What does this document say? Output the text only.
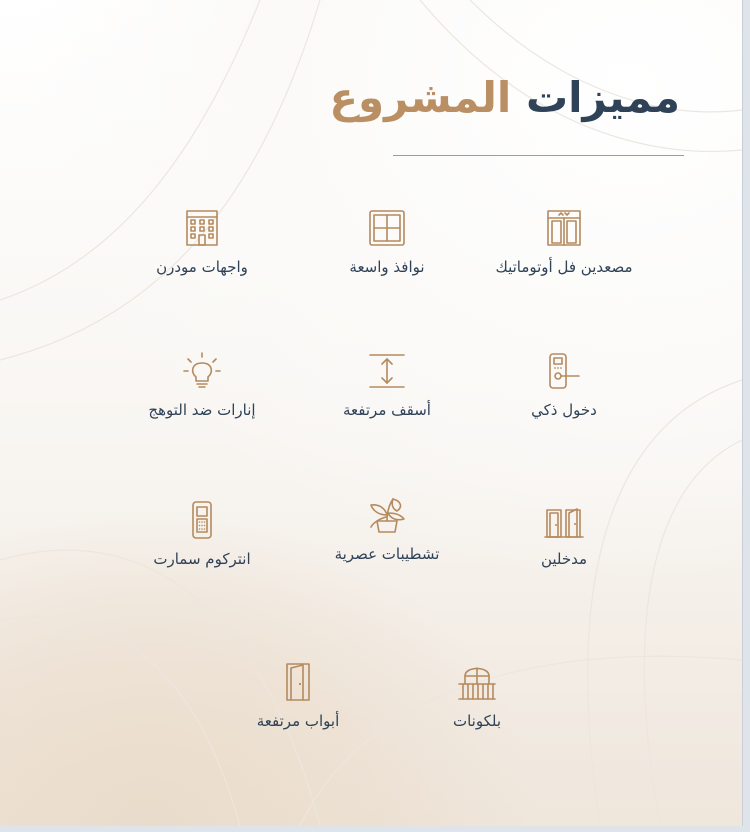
مميزات المشروع
مصعدين فل أوتوماتيك
نوافذ واسعة
واجهات مودرن
دخول ذكي
أسقف مرتفعة
إنارات ضد التوهج
مدخلين
تشطيبات عصرية
انتركوم سمارت
بلكونات
أبواب مرتفعة
